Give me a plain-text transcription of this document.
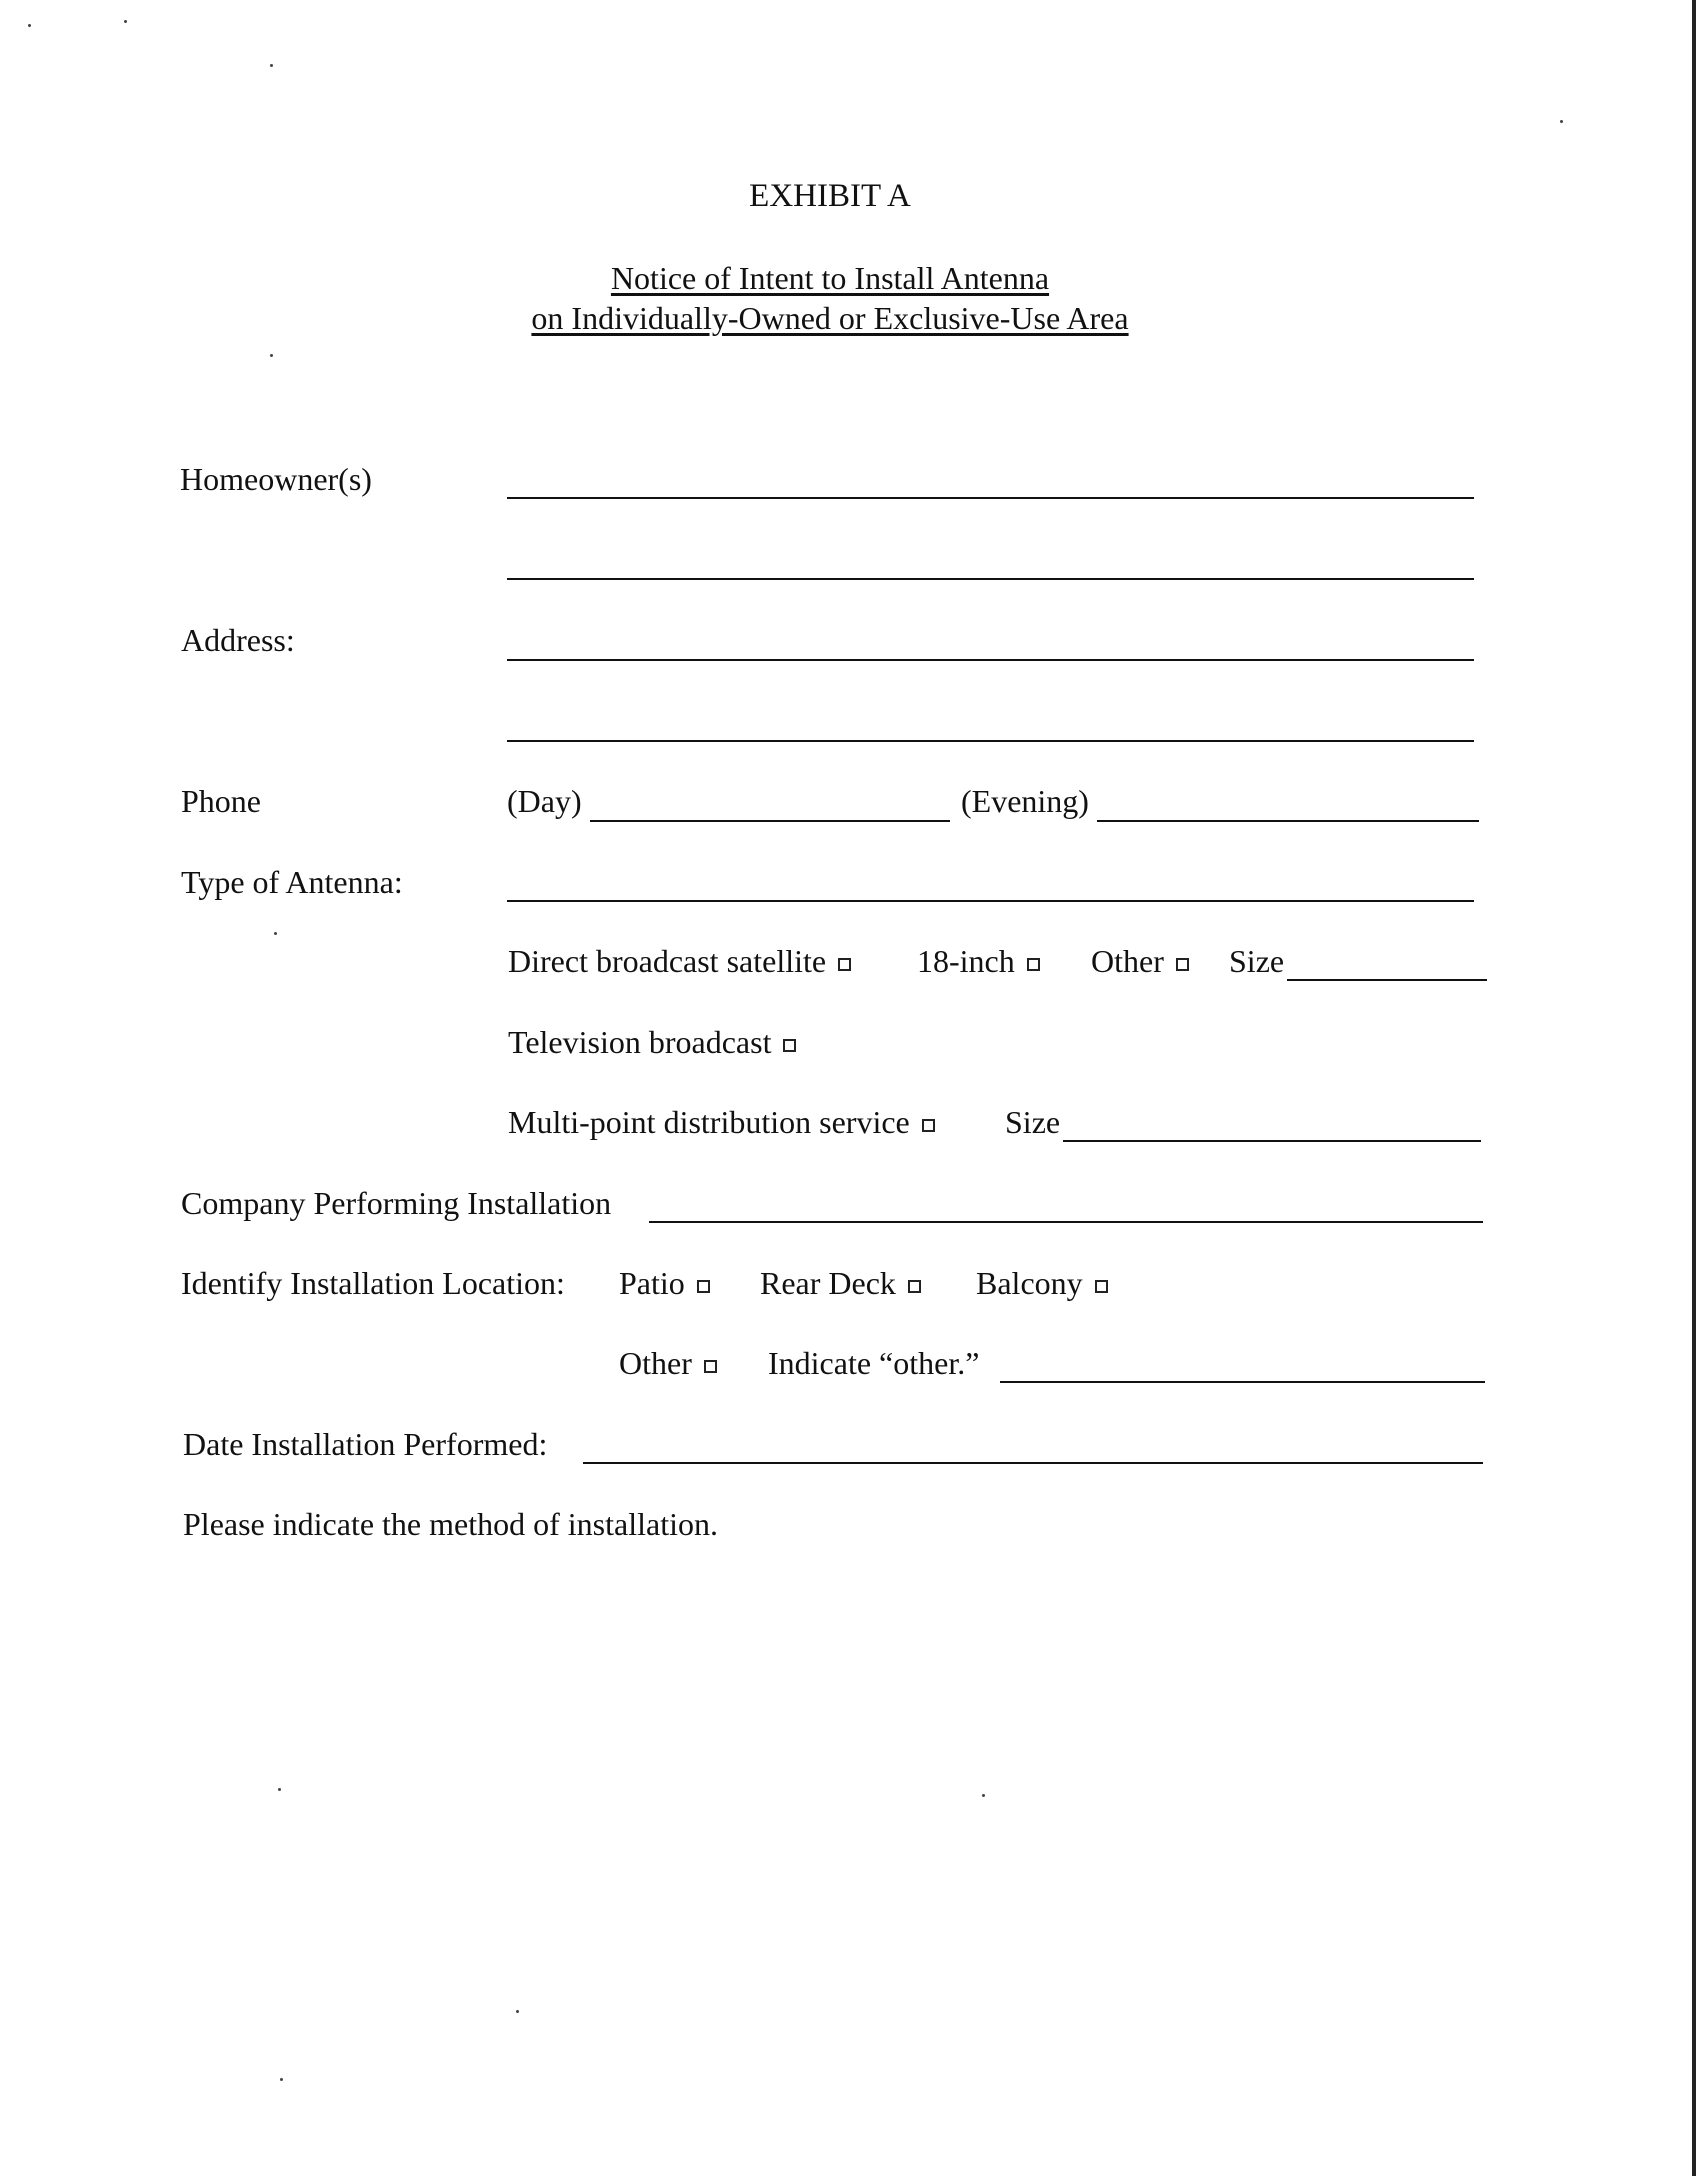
EXHIBIT A
Notice of Intent to Install Antenna
on Individually-Owned or Exclusive-Use Area
Homeowner(s)
Address:
Phone	(Day)	(Evening)
Type of Antenna:
Direct broadcast satellite	18-inch	Other	Size
Television broadcast
Multi-point distribution service	Size
Company Performing Installation
Identify Installation Location: Patio	Rear Deck	Balcony
Other	Indicate “other.”
Date Installation Performed:
Please indicate the method of installation.
